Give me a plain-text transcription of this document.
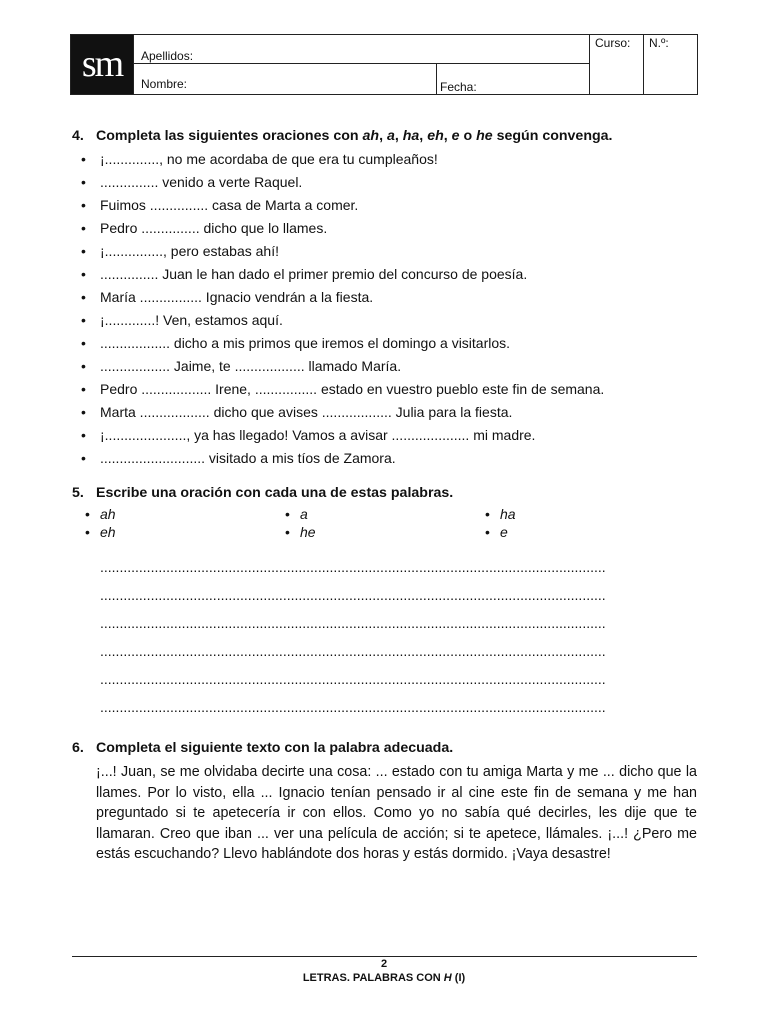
sm	Apellidos:
Nombre:	Fecha:
Curso: N.º:

4. Completa las siguientes oraciones con ah, a, ha, eh, e o he según convenga.

• ¡.............., no me acordaba de que era tu cumpleaños!
• ............... venido a verte Raquel.
• Fuimos ............... casa de Marta a comer.
• Pedro ............... dicho que lo llames.
• ¡..............., pero estabas ahí!
• ............... Juan le han dado el primer premio del concurso de poesía.
• María ................ Ignacio vendrán a la fiesta.
• ¡.............! Ven, estamos aquí.
• .................. dicho a mis primos que iremos el domingo a visitarlos.
• .................. Jaime, te .................. llamado María.
• Pedro .................. Irene, ................ estado en vuestro pueblo este fin de semana.
• Marta .................. dicho que avises .................. Julia para la fiesta.
• ¡....................., ya has llegado! Vamos a avisar .................... mi madre.
• ........................... visitado a mis tíos de Zamora.

5. Escribe una oración con cada una de estas palabras.

• ah	• a	• ha
• eh	• he	• e
• ..................................................................................................................................
• ..................................................................................................................................
• ..................................................................................................................................
• ..................................................................................................................................
• ..................................................................................................................................
• ..................................................................................................................................

6. Completa el siguiente texto con la palabra adecuada.

¡...! Juan, se me olvidaba decirte una cosa: ... estado con tu amiga Marta y me ... dicho que la llames. Por lo visto, ella ... Ignacio tenían pensado ir al cine este fin de semana y me han preguntado si te apetecería ir con ellos. Como yo no sabía qué decirles, les dije que te llamaran. Creo que iban ... ver una película de acción; si te apetece, llámales. ¡...! ¿Pero me estás escuchando? Llevo hablándote dos horas y estás dormido. ¡Vaya desastre!
2
LETRAS. PALABRAS CON H (I)
